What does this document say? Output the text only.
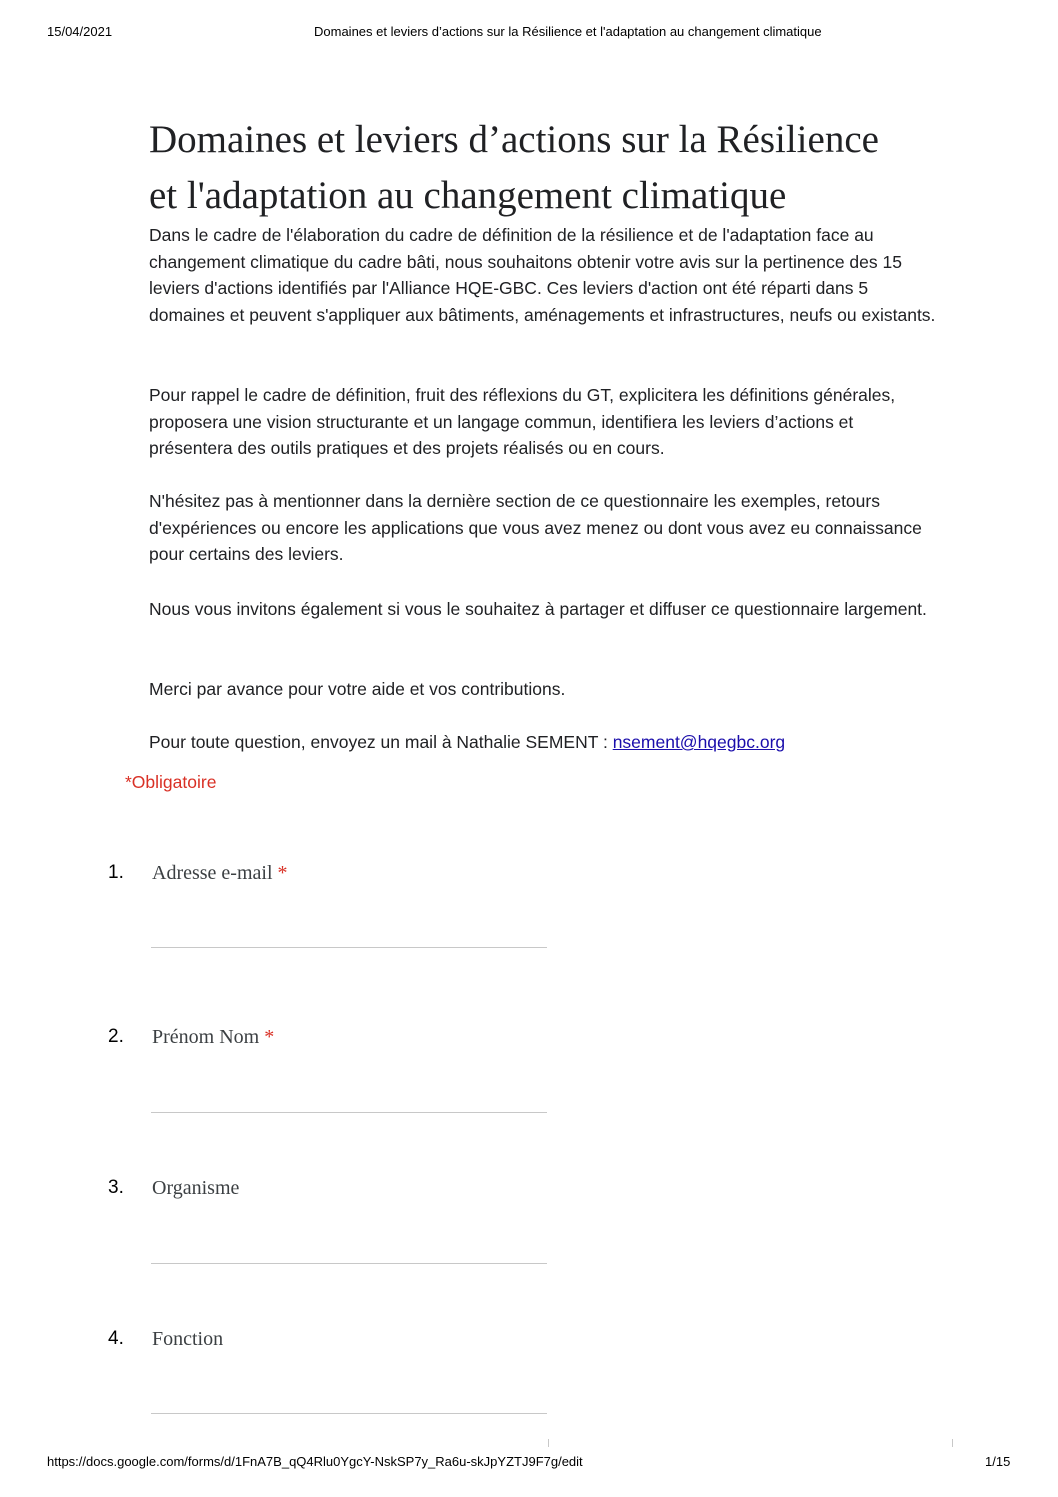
15/04/2021	Domaines et leviers d’actions sur la Résilience et l'adaptation au changement climatique
Domaines et leviers d’actions sur la Résilience
et l'adaptation au changement climatique

Dans le cadre de l'élaboration du cadre de définition de la résilience et de l'adaptation face au changement climatique du cadre bâti, nous souhaitons obtenir votre avis sur la pertinence des 15 leviers d'actions identifiés par l'Alliance HQE-GBC. Ces leviers d'action ont été réparti dans 5 domaines et peuvent s'appliquer aux bâtiments, aménagements et infrastructures, neufs ou existants.

Pour rappel le cadre de définition, fruit des réflexions du GT, explicitera les définitions générales, proposera une vision structurante et un langage commun, identifiera les leviers d’actions et présentera des outils pratiques et des projets réalisés ou en cours.

N'hésitez pas à mentionner dans la dernière section de ce questionnaire les exemples, retours d'expériences ou encore les applications que vous avez menez ou dont vous avez eu connaissance pour certains des leviers.

Nous vous invitons également si vous le souhaitez à partager et diffuser ce questionnaire largement.

Merci par avance pour votre aide et vos contributions.

Pour toute question, envoyez un mail à Nathalie SEMENT : nsement@hqegbc.org

*Obligatoire
1. Adresse e-mail *
2. Prénom Nom *
3. Organisme
4. Fonction
https://docs.google.com/forms/d/1FnA7B_qQ4Rlu0YgcY-NskSP7y_Ra6u-skJpYZTJ9F7g/edit	1/15
